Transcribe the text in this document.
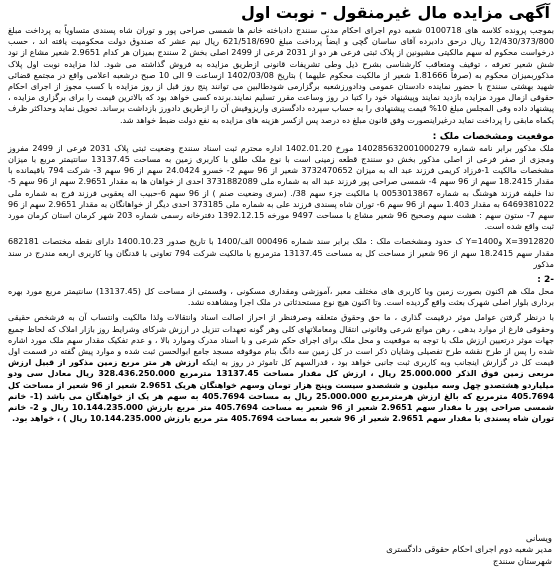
آگهی مزایده مال غیرمنقول - نوبت اول

بموجب پرونده کلاسه های 0100718 شعبه دوم اجرای احکام مدنی سنندج دادباخته خانم ها شمسی صراحی پور و توران شاه پسندی متساویاً به پرداخت مبلغ 12/430/373/800 ریال درحق دادبرده آقای ساسان گچی و ایضاً پرداخت مبلغ 621/518/690 ریال نیم عشر که صندوق دولت محکومیت یافته اند ، حسب درخواست محکوم له سهم مالکیتی مشیونین از پلاک ثبتی فرعی هر دو از 2031 فرعی از 2499 اصلی بخش 2 سنندج بمیزان هر کدام 2.9651 شعیر مشاع از نود شش شعیر تعرفه ، توقیف ومتعاقب کارشناسی بشرح ذیل وطی تشریفات قانونی ازطریق مزایده به فروش گذاشته می شود. لذا مزایده نوبت اول پلاک مذکوربمیزان محکوم به (صرفاً 1.81666 شعیر از مالکیت محکوم علیهما ) بتاریخ 1402/03/08 ازساعت 9 الی 10 صبح درشعبه اعلامی واقع در مجتمع قضائی شهید بهشتی سنندج با حضور نماینده دادستان عمومی ودادورزشعبه برگزارمی شودطالبین می توانند پنج روز قبل از روز مزایده با کسب مجوز از اجرای احکام حقوقی ازمال مورد مزایده بازدید نمایند وپیشنهاد خود را کتبا در روز وساعت مقرر تسلیم نمایند.برنده کسی خواهد بود که بالاترین قیمت را برای برگزاری مزایده ، پیشنهاد داده وفی المجلس مبلغ 10% قیمت پیشنهادی را به حساب سپرده دادگستری واریزوفیش آن را ازطریق دادورز بازداشت برساند. تحویل نماید وحداکثر ظرف یکماه مابقی را پرداخت نماید درغیراینصورت وفق قانون مبلغ ده درصد پس ازکسر هزینه های مزایده به نفع دولت ضبط خواهد شد.

موقعیت ومشخصات ملک :

ملک مذکور برابر نامه شماره 140285632001000279 مورخ 1402.01.20 اداره محترم ثبت اسناد سنندج وضعیت ثبتی پلاک 2031 فرعی از 2499 مفروز ومجزی از صفر فرعی از اصلی مذکور بخش دو سنندج قطعه زمینی است با نوع ملک طلق با کاربری زمین به مساحت 13137.45 سانتیمتر مربع با میزان مشخصات مالکیت 1-فرزاد کریمی فرزند عبد اله به میزان 3732470652 شعیر از 96 سهم 2- خسرو 24.0424 سهم از 96 سهم 3- شرکت 794 باقیمانده با مقدار 18.2415 سهم از 96 سهم 4- شمسی صراحی پور فرزند عبد اله به شماره ملی 3731882089 احدی از خواهان ها به مقدار 2.9651 سهم از 96 سهم 5- ندا خلیفه فرزند هوشنگ به شماره 0053013867 با مالکیت جزء سهم 38/. (سری وضعیت صنم ) از 96 سهم 6-حبیب اله یعقوبی فرزند فرج به شماره ملی 6469381022 به مقدار 1.403 سهم از 96 سهم 6- توران شاه پسندی فرزند علی به شماره ملی 373185 احدی دیگر از خواهانگان به مقدار 2.9651 سهم از 96 سهم 7- ستون سهم : هشت سهم وصحیح 96 شعیر مشاع با مساحت 9497 مورخه 1392.12.15 دفترخانه رسمی شماره 203 شهر کرمان استان کرمان مورد ثبت واقع شده است.

X=3912820 وY=1400 ک حدود ومشخصات ملک : ملک برابر سند شماره 000496 الف/1400 با تاریخ صدور 1400.10.23 دارای نقطه مختصات 682181 مقدار سهم 18.2415 سهم از 96 شعیر از مساحت کل به مساحت 13137.45 مترمربع با مالکیت شرکت 794 تعاونی با قدنگان وبا کاربری اربعه مندرج در سند مذکور

-2 :

محل ملک هم اکنون بصورت زمین وبا کاربری های مختلف معبر ،آموزشی ومقداری مسکونی ، وقسمتی از مساحت کل (13137.45) سانتیمتر مربع مورد بهره برداری بلوار اصلی شهرک بعثت واقع گردیده است. وتا اکنون هیچ نوع مستحدثاتی در ملک اجرا ومشاهده نشد.

با درنظر گرفتن عوامل موثر درقیمت گذاری ، ما حق وحقوق متعلقه وصرفنظر از احراز اصالت اسناد وانتقالات ولذا مالکیت وانتساب آن به فرشخص حقیقی وحقوقی فارغ از موارد بدهی ، رهن موانع شرعی وقانونی انتقال ومعاملاتهای کلی وهر گونه تعهدات تنزیل در ارزش شرکای وشرایط روز بازار املاک که لحاظ جمیع جهات موثر درتعیین ارزش ملک با توجه به موقعیت و محل ملک برای اجرای حکم شرعی و با اسناد مدرک وموارد بالا ، و عدم تفکیک مقدار سهم ملک مورد اشاره شده را پس از طرح نقشه طرح تفصیلی وشایان ذکر است در کل زمین سه دانگ بنام موقوفه مسجد جامع ابوالحسن ثبت شده و موارد پیش گفته در قسمت اول قیمت کل در گزارش اینجانب وبه کاربری ثبت جانبی خواهد بود ، قدرالسهم کل تاموثر در روز به اینکه ارزش هر متر مربع زمین مذکور از قبیل ارزش مربعی زمین فوق الذکر 25.000.000 ریال ، ارزش کل مقدار مساحت 13137.45 مترمربع 328.436.250.000 ریال معادل سی ودو میلیاردو هشتصدو چهل وسه میلیون و ششصدو سیست وپنج هزار تومان وسهم خواهنگان هریک 2.9651 شعیر از 96 شعیر از مساحت کل 405.7694 مترمربع که بالغ ارزش هرمترمربع 25.000.000 ریال به مساحت 405.7694 به سهم هر یک از خواهنگان می باشد (1- خانم شمسی صراحی پور با مقدار سهم 2.9651 شعیر از 96 شعیر به مساحت 405.7694 متر مربع بارزش 10.144.235.000 ریال و 2- خانم توران شاه پسندی با مقدار سهم 2.9651 شعیر از 96 شعیر به مساحت 405.7694 متر مربع بارزش 10.144.235.000 ریال ) ، خواهد بود.

ویسانی

مدیر شعبه دوم اجرای احکام حقوقی دادگستری

شهرستان سنندج
